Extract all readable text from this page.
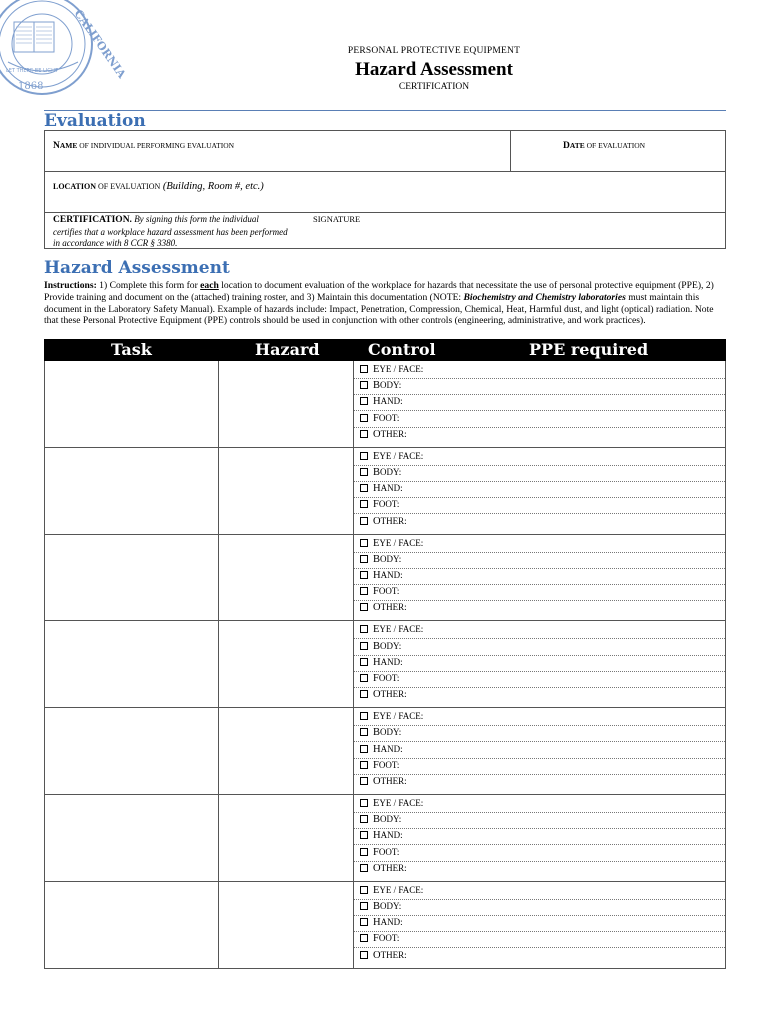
CALIFORNIA
LET THERE BE LIGHT
1868
PERSONAL PROTECTIVE EQUIPMENT
Hazard Assessment
CERTIFICATION
Evaluation
NAME OF INDIVIDUAL PERFORMING EVALUATION	DATE OF EVALUATION
LOCATION OF EVALUATION (Building, Room #, etc.)
CERTIFICATION. By signing this form the individual certifies that a workplace hazard assessment has been performed in accordance with 8 CCR § 3380.
SIGNATURE
Hazard Assessment
Instructions: 1) Complete this form for each location to document evaluation of the workplace for hazards that necessitate the use of personal protective equipment (PPE), 2) Provide training and document on the (attached) training roster, and 3) Maintain this documentation (NOTE: Biochemistry and Chemistry laboratories must maintain this document in the Laboratory Safety Manual). Example of hazards include: Impact, Penetration, Compression, Chemical, Heat, Harmful dust, and light (optical) radiation. Note that these Personal Protective Equipment (PPE) controls should be used in conjunction with other controls (engineering, administrative, and work practices).
Task	Hazard	Control	PPE required
EYE / FACE:
BODY:
HAND:
FOOT:
OTHER:
EYE / FACE:
BODY:
HAND:
FOOT:
OTHER:
EYE / FACE:
BODY:
HAND:
FOOT:
OTHER:
EYE / FACE:
BODY:
HAND:
FOOT:
OTHER:
EYE / FACE:
BODY:
HAND:
FOOT:
OTHER:
EYE / FACE:
BODY:
HAND:
FOOT:
OTHER:
EYE / FACE:
BODY:
HAND:
FOOT:
OTHER:
